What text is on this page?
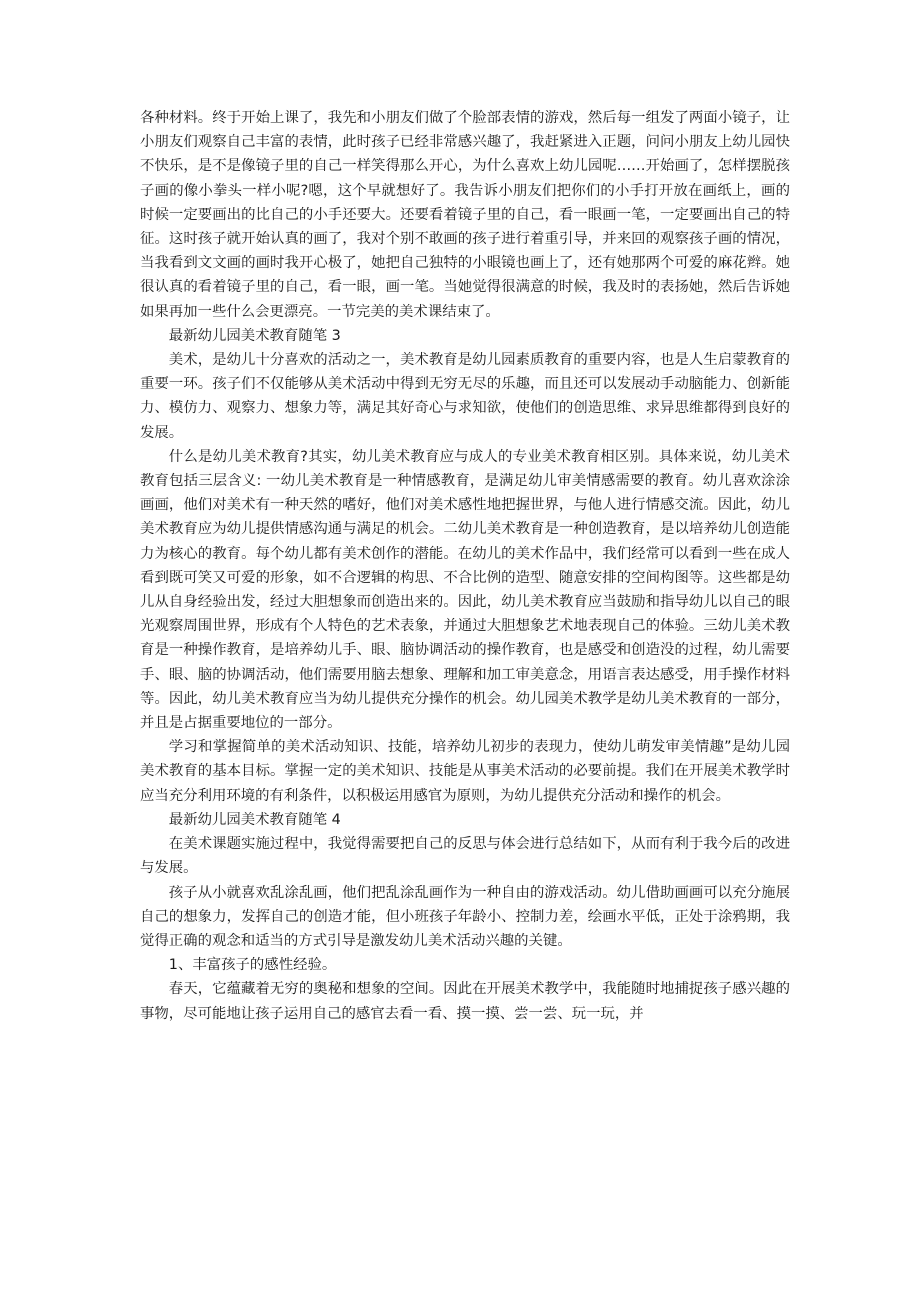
各种材料。终于开始上课了，我先和小朋友们做了个脸部表情的游戏，然后每一组发了两面小镜子，让小朋友们观察自己丰富的表情，此时孩子已经非常感兴趣了，我赶紧进入正题，问问小朋友上幼儿园快不快乐，是不是像镜子里的自己一样笑得那么开心，为什么喜欢上幼儿园呢……开始画了，怎样摆脱孩子画的像小拳头一样小呢?嗯，这个早就想好了。我告诉小朋友们把你们的小手打开放在画纸上，画的时候一定要画出的比自己的小手还要大。还要看着镜子里的自己，看一眼画一笔，一定要画出自己的特征。这时孩子就开始认真的画了，我对个别不敢画的孩子进行着重引导，并来回的观察孩子画的情况，当我看到文文画的画时我开心极了，她把自己独特的小眼镜也画上了，还有她那两个可爱的麻花辫。她很认真的看着镜子里的自己，看一眼，画一笔。当她觉得很满意的时候，我及时的表扬她，然后告诉她如果再加一些什么会更漂亮。一节完美的美术课结束了。

最新幼儿园美术教育随笔 3

美术，是幼儿十分喜欢的活动之一，美术教育是幼儿园素质教育的重要内容，也是人生启蒙教育的重要一环。孩子们不仅能够从美术活动中得到无穷无尽的乐趣，而且还可以发展动手动脑能力、创新能力、模仿力、观察力、想象力等，满足其好奇心与求知欲，使他们的创造思维、求异思维都得到良好的发展。

什么是幼儿美术教育?其实，幼儿美术教育应与成人的专业美术教育相区别。具体来说，幼儿美术教育包括三层含义: 一幼儿美术教育是一种情感教育，是满足幼儿审美情感需要的教育。幼儿喜欢涂涂画画，他们对美术有一种天然的嗜好，他们对美术感性地把握世界，与他人进行情感交流。因此，幼儿美术教育应为幼儿提供情感沟通与满足的机会。二幼儿美术教育是一种创造教育，是以培养幼儿创造能力为核心的教育。每个幼儿都有美术创作的潜能。在幼儿的美术作品中，我们经常可以看到一些在成人看到既可笑又可爱的形象，如不合逻辑的构思、不合比例的造型、随意安排的空间构图等。这些都是幼儿从自身经验出发，经过大胆想象而创造出来的。因此，幼儿美术教育应当鼓励和指导幼儿以自己的眼光观察周围世界，形成有个人特色的艺术表象，并通过大胆想象艺术地表现自己的体验。三幼儿美术教育是一种操作教育，是培养幼儿手、眼、脑协调活动的操作教育，也是感受和创造没的过程，幼儿需要手、眼、脑的协调活动，他们需要用脑去想象、理解和加工审美意念，用语言表达感受，用手操作材料等。因此，幼儿美术教育应当为幼儿提供充分操作的机会。幼儿园美术教学是幼儿美术教育的一部分，并且是占据重要地位的一部分。

学习和掌握简单的美术活动知识、技能，培养幼儿初步的表现力，使幼儿萌发审美情趣”是幼儿园美术教育的基本目标。掌握一定的美术知识、技能是从事美术活动的必要前提。我们在开展美术教学时应当充分利用环境的有利条件，以积极运用感官为原则，为幼儿提供充分活动和操作的机会。

最新幼儿园美术教育随笔 4

在美术课题实施过程中，我觉得需要把自己的反思与体会进行总结如下，从而有利于我今后的改进与发展。

孩子从小就喜欢乱涂乱画，他们把乱涂乱画作为一种自由的游戏活动。幼儿借助画画可以充分施展自己的想象力，发挥自己的创造才能，但小班孩子年龄小、控制力差，绘画水平低，正处于涂鸦期，我觉得正确的观念和适当的方式引导是激发幼儿美术活动兴趣的关键。

1、丰富孩子的感性经验。

春天，它蕴藏着无穷的奥秘和想象的空间。因此在开展美术教学中，我能随时地捕捉孩子感兴趣的事物，尽可能地让孩子运用自己的感官去看一看、摸一摸、尝一尝、玩一玩，并
